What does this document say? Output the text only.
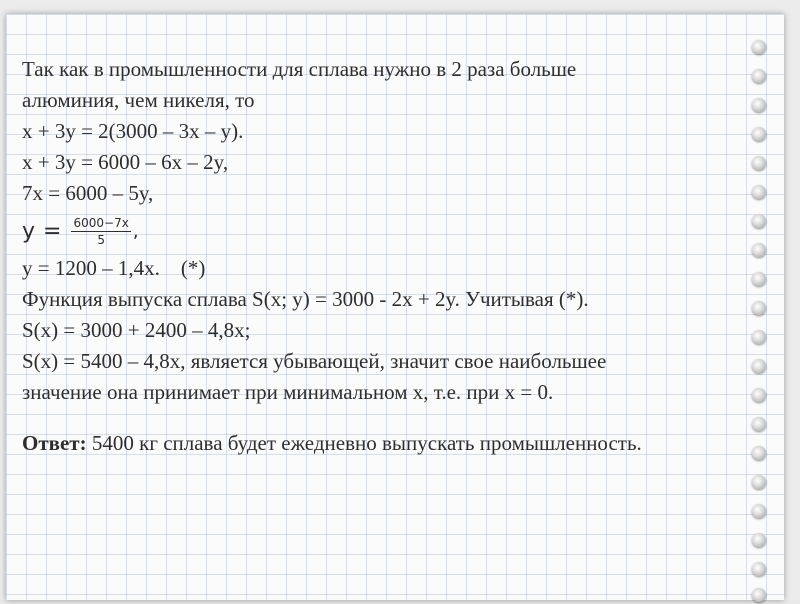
Так как в промышленности для сплава нужно в 2 раза больше
алюминия, чем никеля, то
x + 3y = 2(3000 – 3x – y).
x + 3y = 6000 – 6x – 2y,
7x = 6000 – 5y,
$y = \frac{6000-7x}{5}$ ,
y = 1200 – 1,4x.    (*)
Функция выпуска сплава S(x; y) = 3000 - 2x + 2y. Учитывая (*).
S(x) = 3000 + 2400 – 4,8x;
S(x) = 5400 – 4,8x, является убывающей, значит свое наибольшее
значение она принимает при минимальном x, т.е. при x = 0.
Ответ: 5400 кг сплава будет ежедневно выпускать промышленность.
